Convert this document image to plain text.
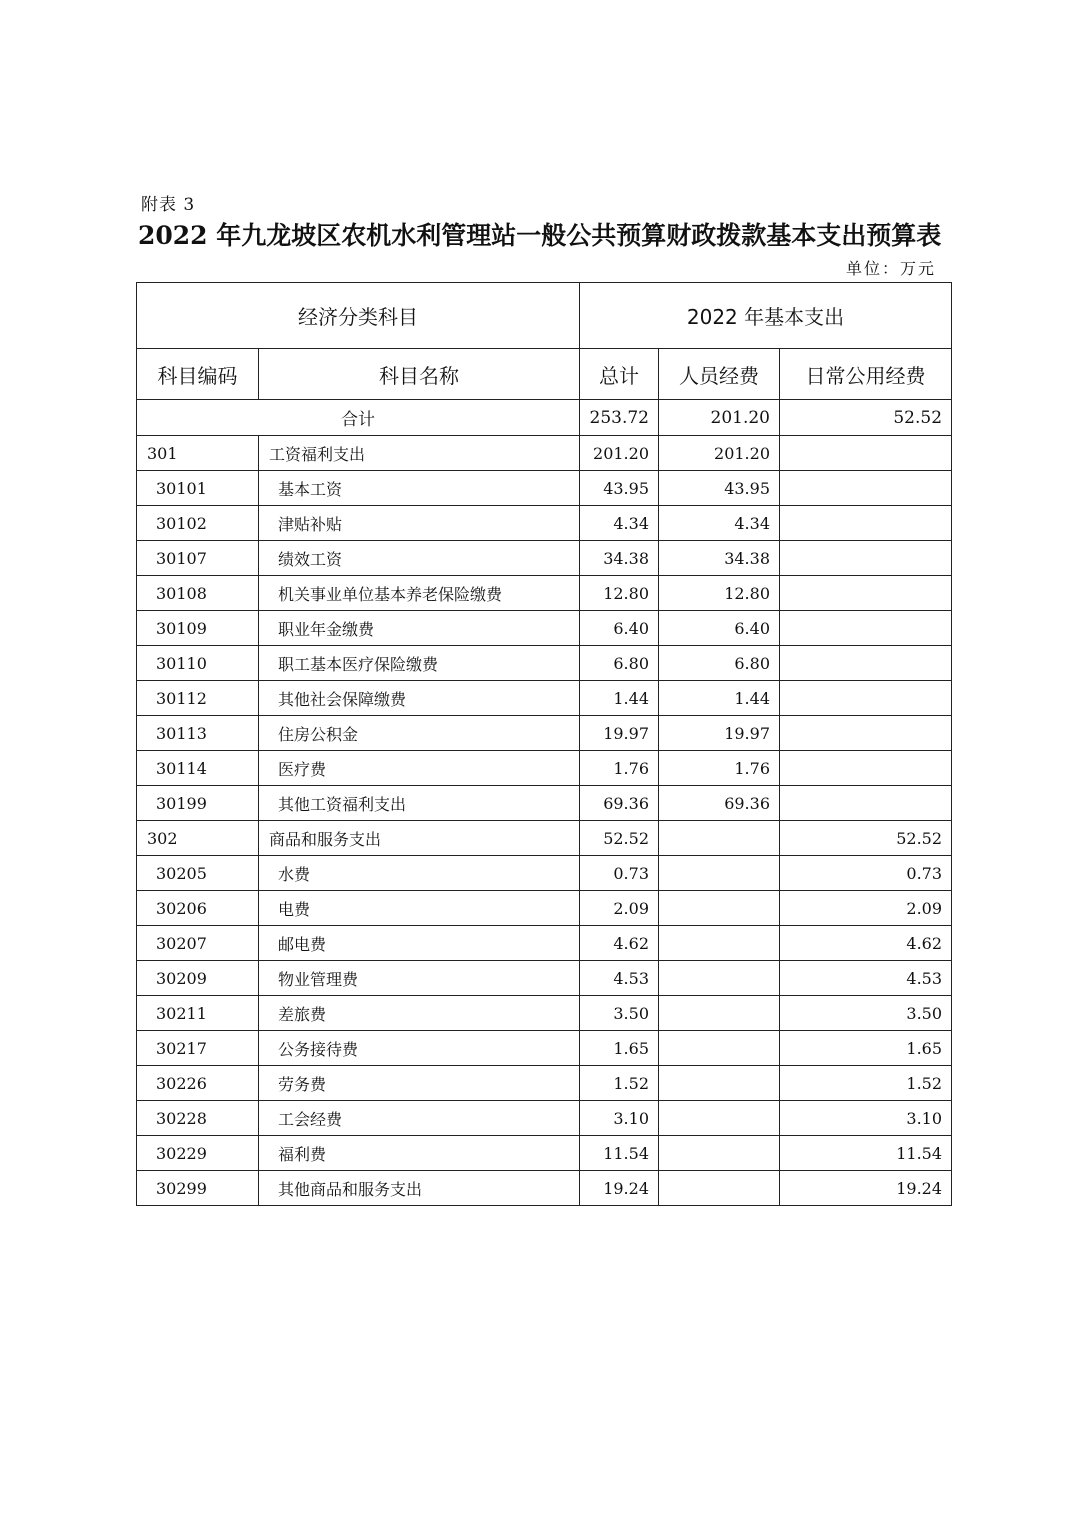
附表 3
2022 年九龙坡区农机水利管理站一般公共预算财政拨款基本支出预算表
单位：万元
经济分类科目		2022 年基本支出		
科目编码	科目名称	总计	人员经费	日常公用经费
合计		253.72	201.20	52.52
301	工资福利支出	201.20	201.20	
30101	基本工资	43.95	43.95	
30102	津贴补贴	4.34	4.34	
30107	绩效工资	34.38	34.38	
30108	机关事业单位基本养老保险缴费	12.80	12.80	
30109	职业年金缴费	6.40	6.40	
30110	职工基本医疗保险缴费	6.80	6.80	
30112	其他社会保障缴费	1.44	1.44	
30113	住房公积金	19.97	19.97	
30114	医疗费	1.76	1.76	
30199	其他工资福利支出	69.36	69.36	
302	商品和服务支出	52.52		52.52
30205	水费	0.73		0.73
30206	电费	2.09		2.09
30207	邮电费	4.62		4.62
30209	物业管理费	4.53		4.53
30211	差旅费	3.50		3.50
30217	公务接待费	1.65		1.65
30226	劳务费	1.52		1.52
30228	工会经费	3.10		3.10
30229	福利费	11.54		11.54
30299	其他商品和服务支出	19.24		19.24
